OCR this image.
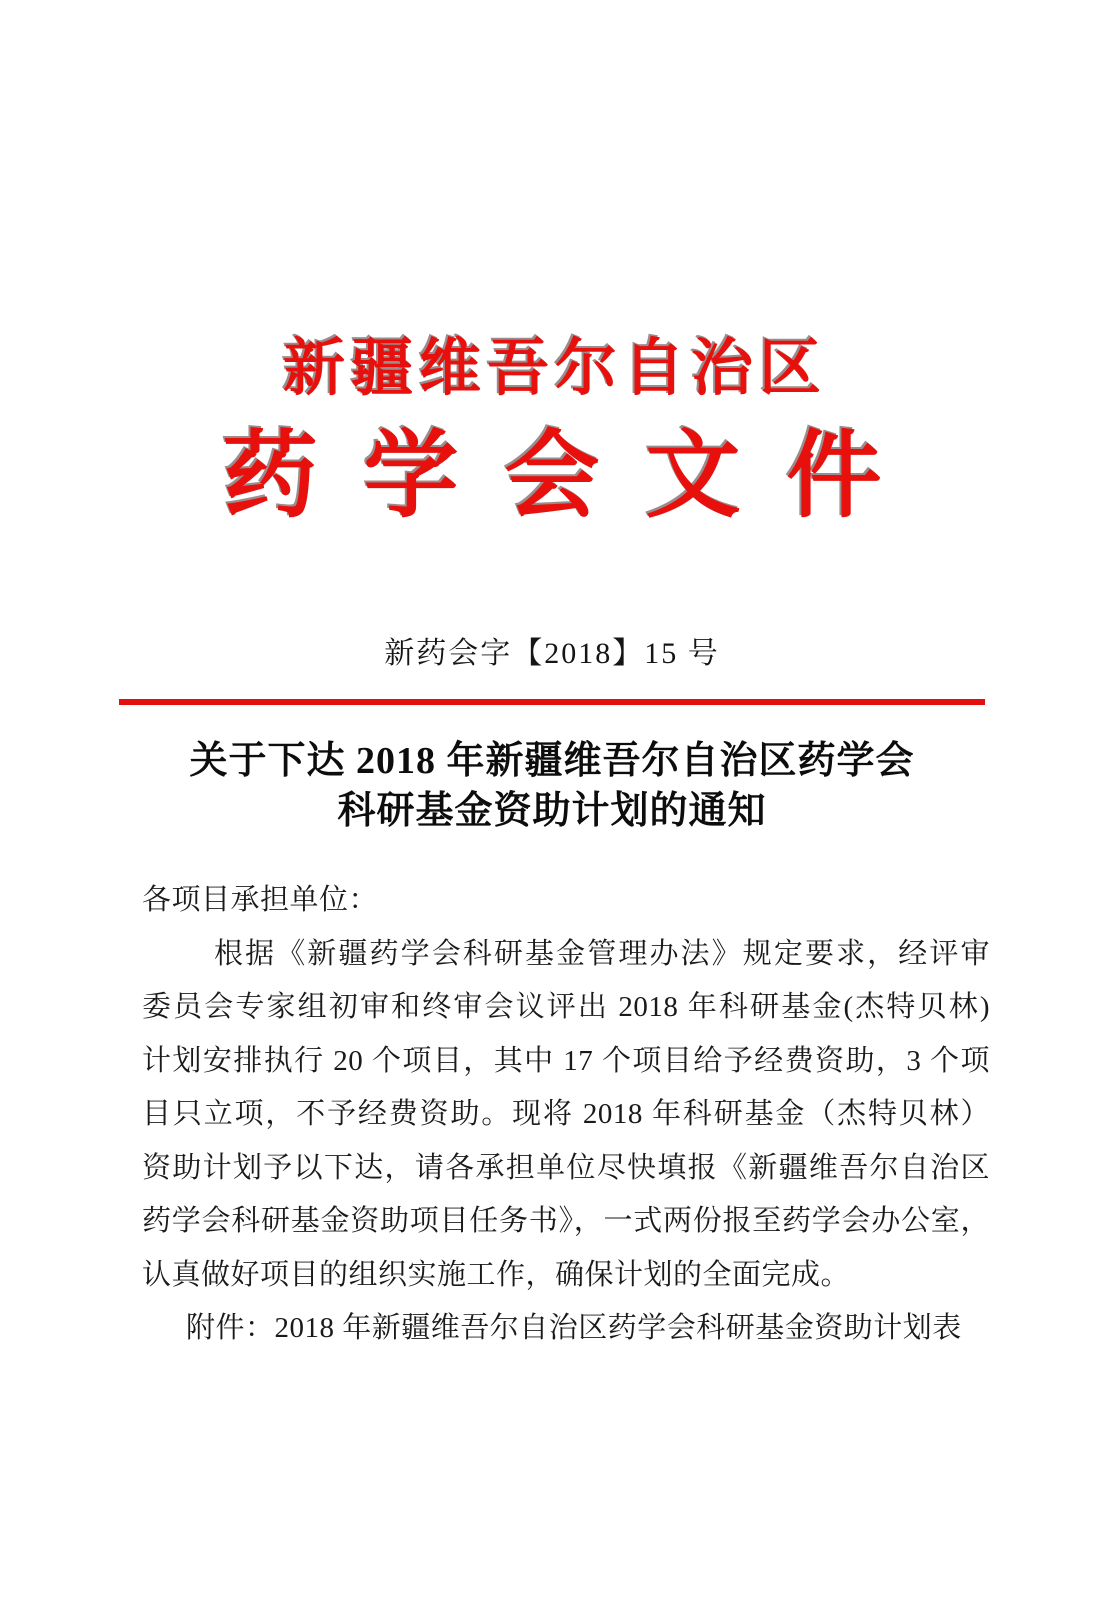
新疆维吾尔自治区
药学会文件
新药会字【2018】15 号
关于下达 2018 年新疆维吾尔自治区药学会
科研基金资助计划的通知
各项目承担单位：
根据《新疆药学会科研基金管理办法》规定要求，经评审
委员会专家组初审和终审会议评出 2018 年科研基金(杰特贝林)
计划安排执行 20 个项目，其中 17 个项目给予经费资助，3 个项
目只立项，不予经费资助。现将 2018 年科研基金（杰特贝林）
资助计划予以下达，请各承担单位尽快填报《新疆维吾尔自治区
药学会科研基金资助项目任务书》，一式两份报至药学会办公室，
认真做好项目的组织实施工作，确保计划的全面完成。
附件：2018 年新疆维吾尔自治区药学会科研基金资助计划表
